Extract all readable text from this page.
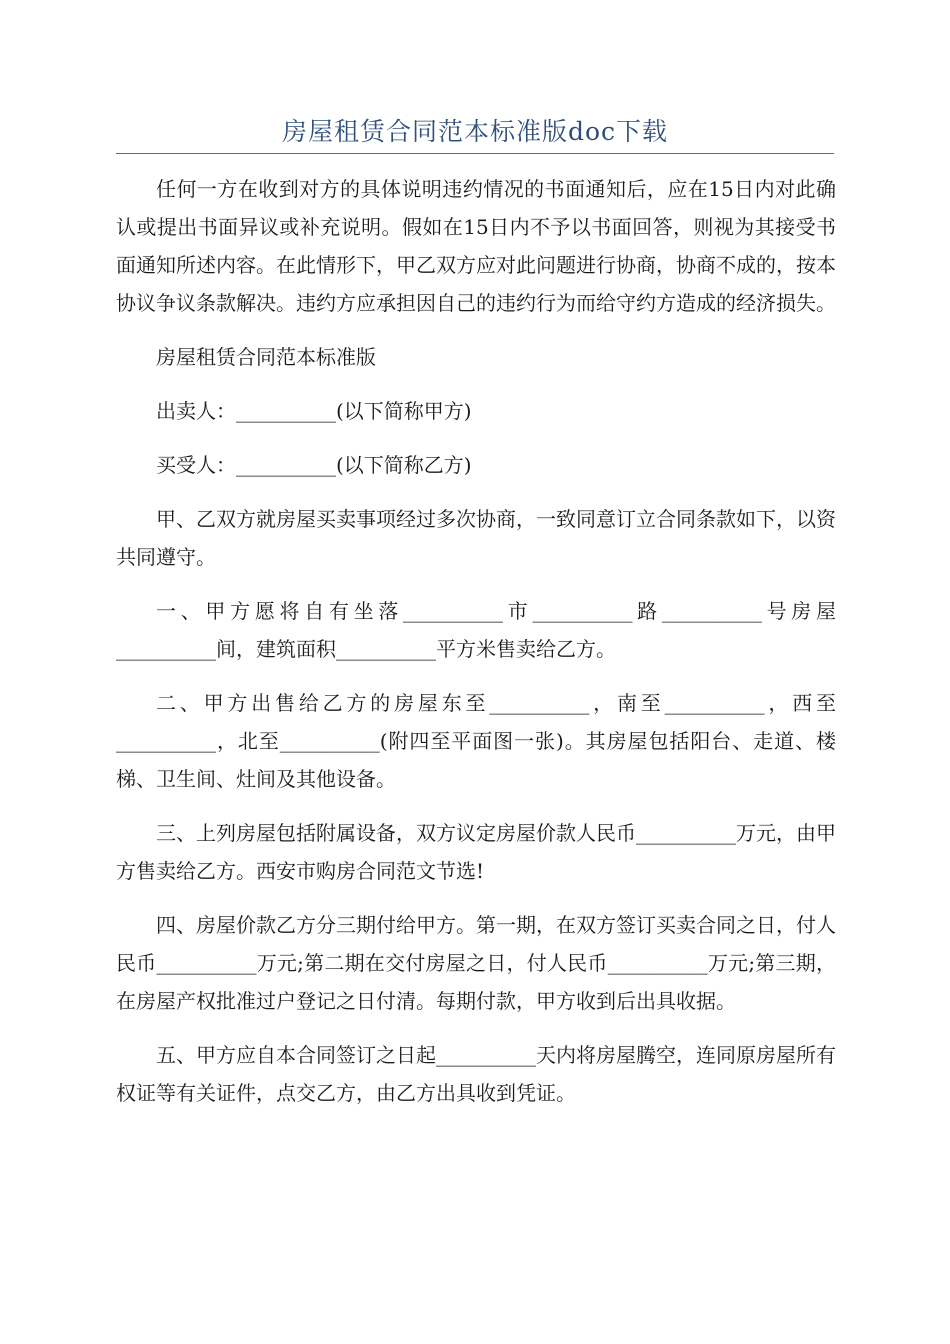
房屋租赁合同范本标准版doc下载

任何一方在收到对方的具体说明违约情况的书面通知后，应在15日内对此确认或提出书面异议或补充说明。假如在15日内不予以书面回答，则视为其接受书面通知所述内容。在此情形下，甲乙双方应对此问题进行协商，协商不成的，按本协议争议条款解决。违约方应承担因自己的违约行为而给守约方造成的经济损失。

房屋租赁合同范本标准版

出卖人：__________(以下简称甲方)

买受人：__________(以下简称乙方)

甲、乙双方就房屋买卖事项经过多次协商，一致同意订立合同条款如下，以资共同遵守。

一、甲方愿将自有坐落__________市__________路__________号房屋__________间，建筑面积__________平方米售卖给乙方。

二、甲方出售给乙方的房屋东至__________，南至__________，西至__________，北至__________(附四至平面图一张)。其房屋包括阳台、走道、楼梯、卫生间、灶间及其他设备。

三、上列房屋包括附属设备，双方议定房屋价款人民币__________万元，由甲方售卖给乙方。西安市购房合同范文节选!

四、房屋价款乙方分三期付给甲方。第一期，在双方签订买卖合同之日，付人民币__________万元;第二期在交付房屋之日，付人民币__________万元;第三期，在房屋产权批准过户登记之日付清。每期付款，甲方收到后出具收据。

五、甲方应自本合同签订之日起__________天内将房屋腾空，连同原房屋所有权证等有关证件，点交乙方，由乙方出具收到凭证。
